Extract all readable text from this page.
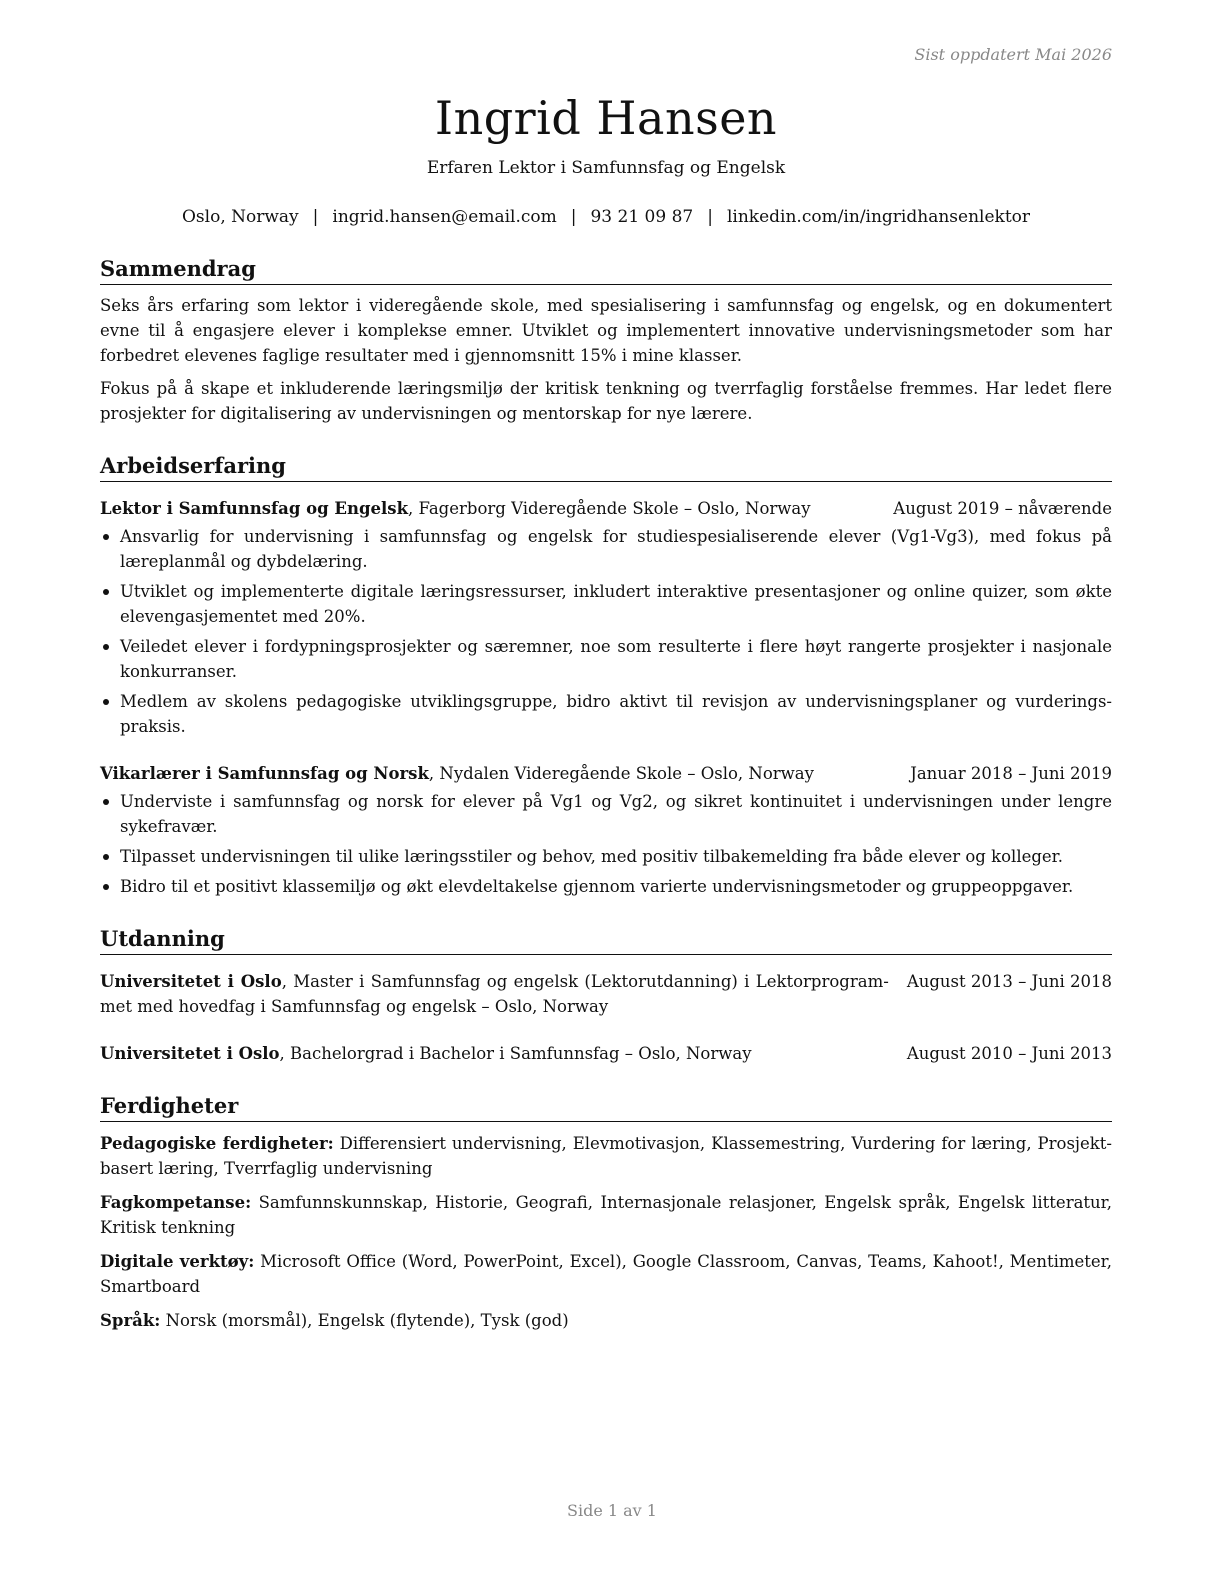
Sist oppdatert Mai 2026
Ingrid Hansen
Erfaren Lektor i Samfunnsfag og Engelsk
Oslo, Norway | ingrid.hansen@email.com | 93 21 09 87 | linkedin.com/in/ingridhansenlektor
Sammendrag
Seks års erfaring som lektor i videregående skole, med spesialisering i samfunnsfag og engelsk, og en dokumentert evne til å engasjere elever i komplekse emner. Utviklet og implementert innovative undervisningsmetoder som har forbedret elevenes faglige resultater med i gjennomsnitt 15% i mine klasser.
Fokus på å skape et inkluderende læringsmiljø der kritisk tenkning og tverrfaglig forståelse fremmes. Har ledet flere prosjekter for digitalisering av undervisningen og mentorskap for nye lærere.
Arbeidserfaring
Lektor i Samfunnsfag og Engelsk, Fagerborg Videregående Skole – Oslo, Norway	August 2019 – nåværende
Ansvarlig for undervisning i samfunnsfag og engelsk for studiespesialiserende elever (Vg1-Vg3), med fokus på læreplanmål og dybdelæring.
Utviklet og implementerte digitale læringsressurser, inkludert interaktive presentasjoner og online quizer, som økte elevengasjementet med 20%.
Veiledet elever i fordypningsprosjekter og særemner, noe som resulterte i flere høyt rangerte prosjekter i nasjonale konkurranser.
Medlem av skolens pedagogiske utviklingsgruppe, bidro aktivt til revisjon av undervisningsplaner og vurderings-praksis.
Vikarlærer i Samfunnsfag og Norsk, Nydalen Videregående Skole – Oslo, Norway	Januar 2018 – Juni 2019
Underviste i samfunnsfag og norsk for elever på Vg1 og Vg2, og sikret kontinuitet i undervisningen under lengre sykefravær.
Tilpasset undervisningen til ulike læringsstiler og behov, med positiv tilbakemelding fra både elever og kolleger.
Bidro til et positivt klassemiljø og økt elevdeltakelse gjennom varierte undervisningsmetoder og gruppeoppgaver.
Utdanning
Universitetet i Oslo, Master i Samfunnsfag og engelsk (Lektorutdanning) i Lektorprogram-met med hovedfag i Samfunnsfag og engelsk – Oslo, Norway
August 2013 – Juni 2018
Universitetet i Oslo, Bachelorgrad i Bachelor i Samfunnsfag – Oslo, Norway	August 2010 – Juni 2013
Ferdigheter
Pedagogiske ferdigheter: Differensiert undervisning, Elevmotivasjon, Klassemestring, Vurdering for læring, Prosjekt-basert læring, Tverrfaglig undervisning
Fagkompetanse: Samfunnskunnskap, Historie, Geografi, Internasjonale relasjoner, Engelsk språk, Engelsk litteratur, Kritisk tenkning
Digitale verktøy: Microsoft Office (Word, PowerPoint, Excel), Google Classroom, Canvas, Teams, Kahoot!, Mentimeter, Smartboard
Språk: Norsk (morsmål), Engelsk (flytende), Tysk (god)
Side 1 av 1
